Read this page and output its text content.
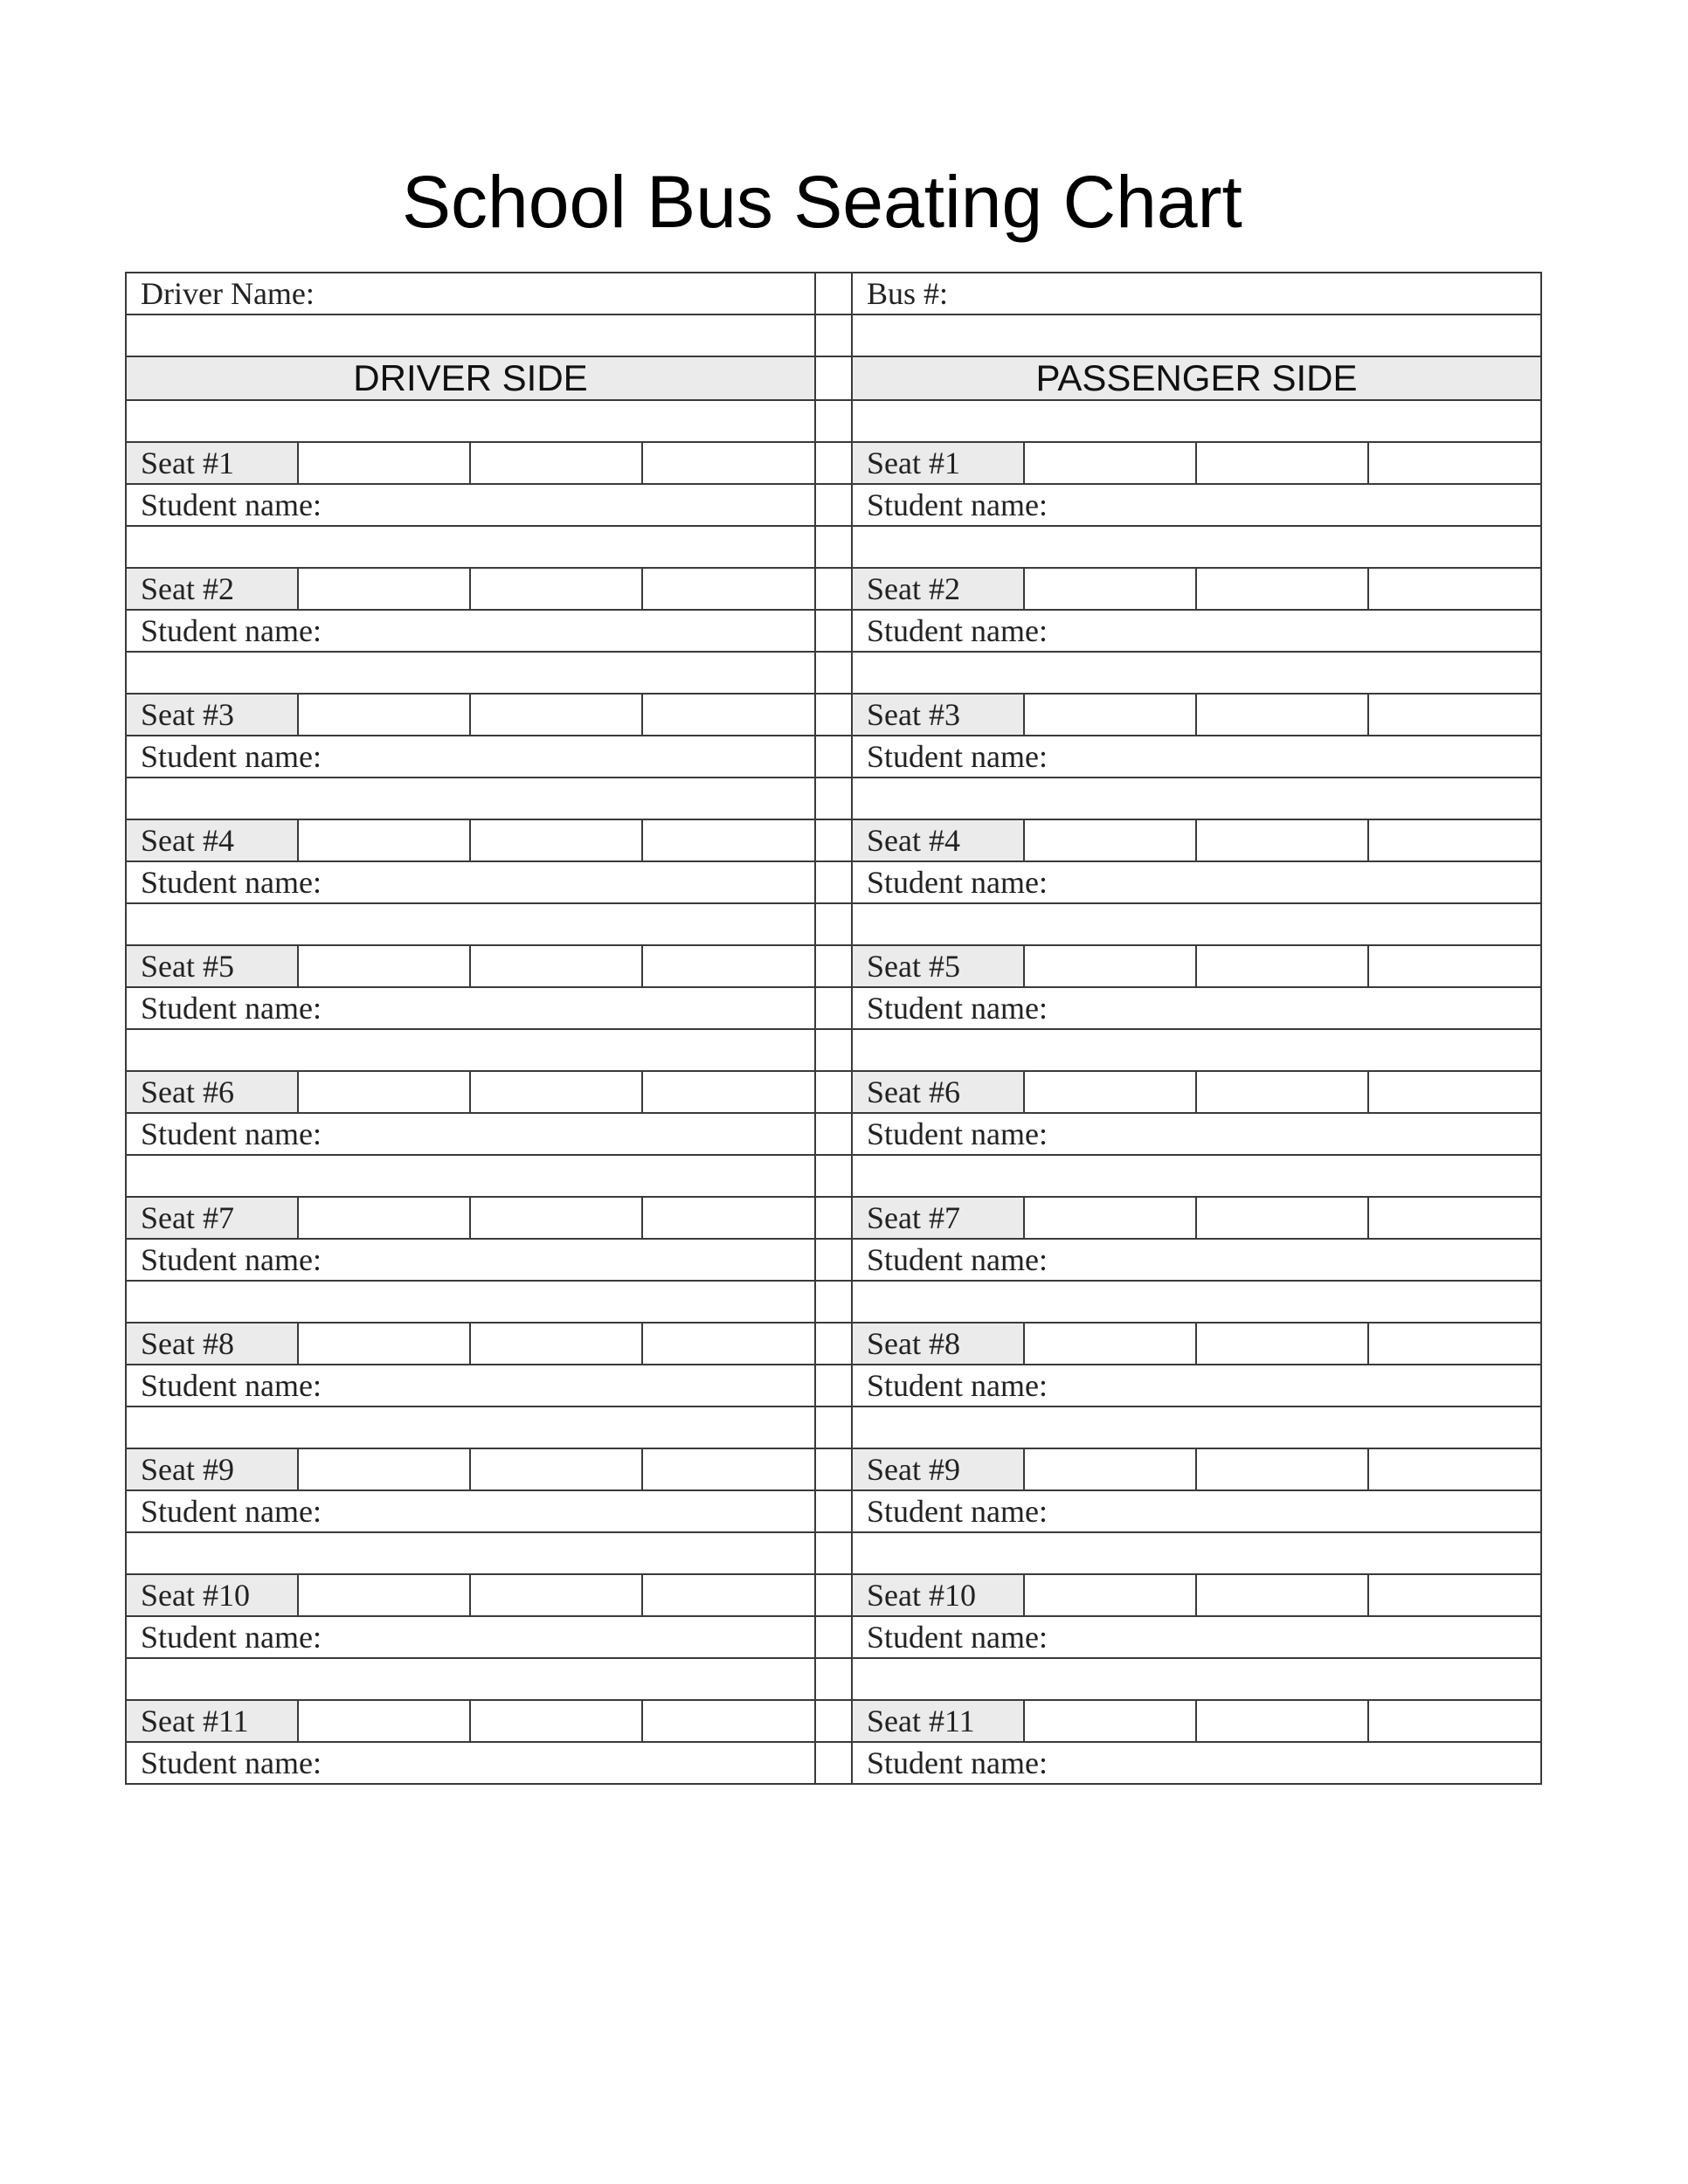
School Bus Seating Chart
Driver Name:					Bus #:			

DRIVER SIDE					PASSENGER SIDE			

Seat #1					Seat #1			
Student name:					Student name:			

Seat #2					Seat #2			
Student name:					Student name:			

Seat #3					Seat #3			
Student name:					Student name:			

Seat #4					Seat #4			
Student name:					Student name:			

Seat #5					Seat #5			
Student name:					Student name:			

Seat #6					Seat #6			
Student name:					Student name:			

Seat #7					Seat #7			
Student name:					Student name:			

Seat #8					Seat #8			
Student name:					Student name:			

Seat #9					Seat #9			
Student name:					Student name:			

Seat #10					Seat #10			
Student name:					Student name:			

Seat #11					Seat #11			
Student name:					Student name:			
